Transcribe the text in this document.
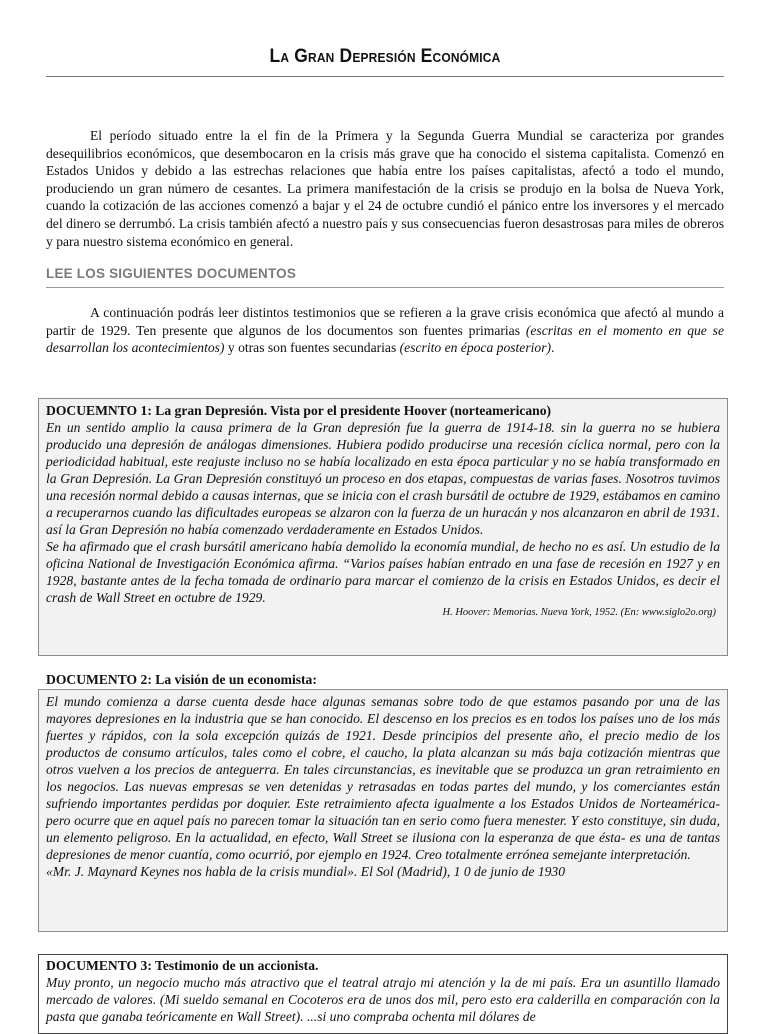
La Gran Depresión Económica

El período situado entre la el fin de la Primera y la Segunda Guerra Mundial se caracteriza por grandes desequilibrios económicos, que desembocaron en la crisis más grave que ha conocido el sistema capitalista. Comenzó en Estados Unidos y debido a las estrechas relaciones que había entre los países capitalistas, afectó a todo el mundo, produciendo un gran número de cesantes. La primera manifestación de la crisis se produjo en la bolsa de Nueva York, cuando la cotización de las acciones comenzó a bajar y el 24 de octubre cundió el pánico entre los inversores y el mercado del dinero se derrumbó. La crisis también afectó a nuestro país y sus consecuencias fueron desastrosas para miles de obreros y para nuestro sistema económico en general.

LEE LOS SIGUIENTES DOCUMENTOS

A continuación podrás leer distintos testimonios que se refieren a la grave crisis económica que afectó al mundo a partir de 1929. Ten presente que algunos de los documentos son fuentes primarias (escritas en el momento en que se desarrollan los acontecimientos) y otras son fuentes secundarias (escrito en época posterior).

DOCUEMNTO 1: La gran Depresión. Vista por el presidente Hoover (norteamericano)
En un sentido amplio la causa primera de la Gran depresión fue la guerra de 1914-18. sin la guerra no se hubiera producido una depresión de análogas dimensiones. Hubiera podido producirse una recesión cíclica normal, pero con la periodicidad habitual, este reajuste incluso no se había localizado en esta época particular y no se había transformado en la Gran Depresión. La Gran Depresión constituyó un proceso en dos etapas, compuestas de varias fases. Nosotros tuvimos una recesión normal debido a causas internas, que se inicia con el crash bursátil de octubre de 1929, estábamos en camino a recuperarnos cuando las dificultades europeas se alzaron con la fuerza de un huracán y nos alcanzaron en abril de 1931. así la Gran Depresión no había comenzado verdaderamente en Estados Unidos.
Se ha afirmado que el crash bursátil americano había demolido la economía mundial, de hecho no es así. Un estudio de la oficina National de Investigación Económica afirma. “Varios países habían entrado en una fase de recesión en 1927 y en 1928, bastante antes de la fecha tomada de ordinario para marcar el comienzo de la crisis en Estados Unidos, es decir el crash de Wall Street en octubre de 1929.
H. Hoover: Memorias. Nueva York, 1952. (En: www.siglo2o.org)
DOCUMENTO 2: La visión de un economista:
El mundo comienza a darse cuenta desde hace algunas semanas sobre todo de que estamos pasando por una de las mayores depresiones en la industria que se han conocido. El descenso en los precios es en todos los países uno de los más fuertes y rápidos, con la sola excepción quizás de 1921. Desde principios del presente año, el precio medio de los productos de consumo artículos, tales como el cobre, el caucho, la plata alcanzan su más baja cotización mientras que otros vuelven a los precios de anteguerra. En tales circunstancias, es inevitable que se produzca un gran retraimiento en los negocios. Las nuevas empresas se ven detenidas y retrasadas en todas partes del mundo, y los comerciantes están sufriendo importantes perdidas por doquier. Este retraimiento afecta igualmente a los Estados Unidos de Norteamérica- pero ocurre que en aquel país no parecen tomar la situación tan en serio como fuera menester. Y esto constituye, sin duda, un elemento peligroso. En la actualidad, en efecto, Wall Street se ilusiona con la esperanza de que ésta- es una de tantas depresiones de menor cuantía, como ocurrió, por ejemplo en 1924. Creo totalmente errónea semejante interpretación.
«Mr. J. Maynard Keynes nos habla de la crisis mundial». El Sol (Madrid), 1 0 de junio de 1930
DOCUMENTO 3: Testimonio de un accionista.
Muy pronto, un negocio mucho más atractivo que el teatral atrajo mi atención y la de mi país. Era un asuntillo llamado mercado de valores. (Mi sueldo semanal en Cocoteros era de unos dos mil, pero esto era calderilla en comparación con la pasta que ganaba teóricamente en Wall Street). ...si uno compraba ochenta mil dólares de
